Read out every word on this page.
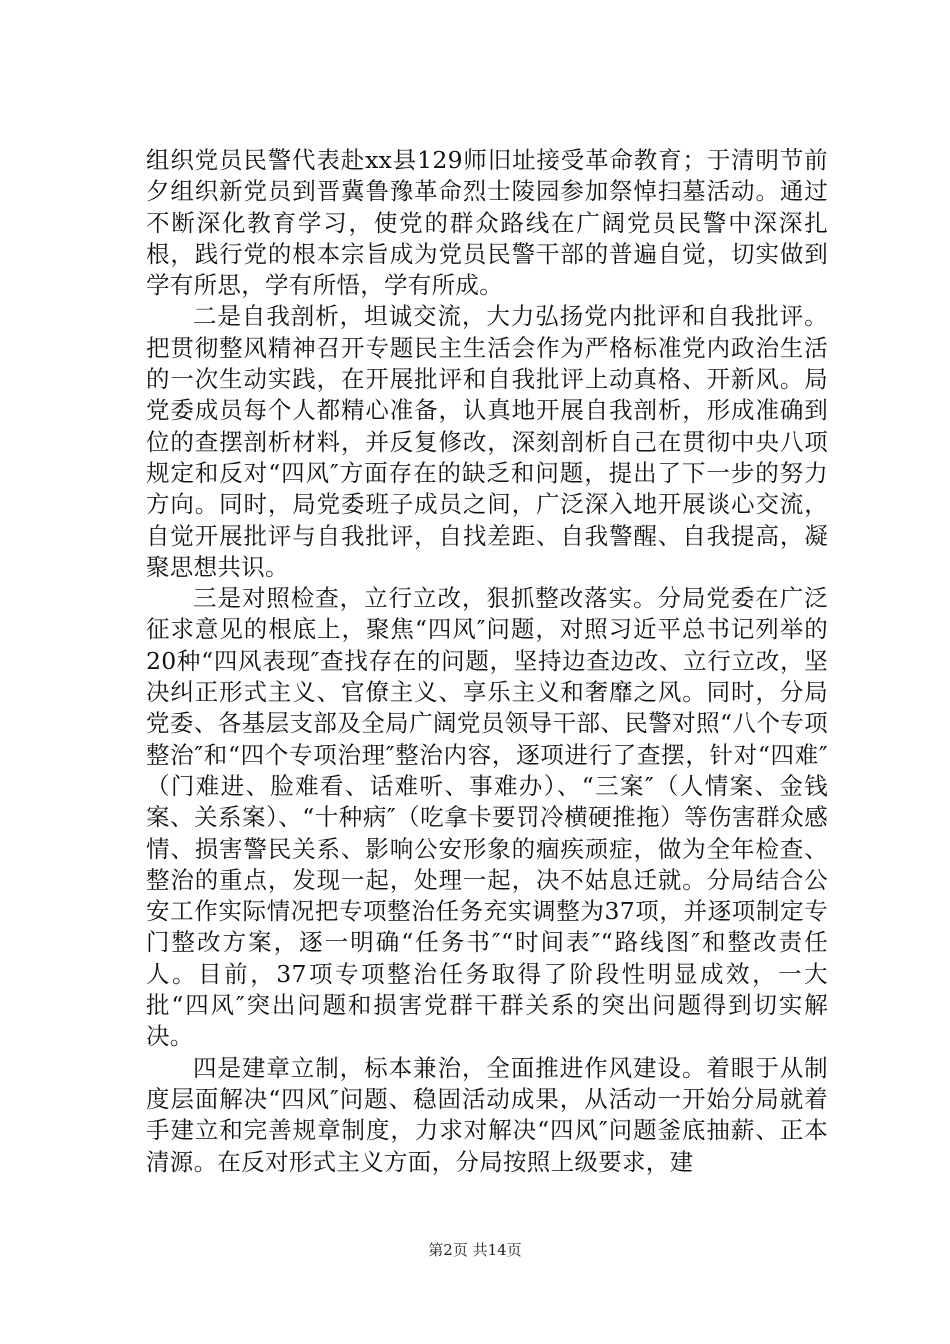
组织党员民警代表赴xx县129师旧址接受革命教育；于清明节前夕组织新党员到晋冀鲁豫革命烈士陵园参加祭悼扫墓活动。通过不断深化教育学习，使党的群众路线在广阔党员民警中深深扎根，践行党的根本宗旨成为党员民警干部的普遍自觉，切实做到学有所思，学有所悟，学有所成。

二是自我剖析，坦诚交流，大力弘扬党内批评和自我批评。把贯彻整风精神召开专题民主生活会作为严格标准党内政治生活的一次生动实践，在开展批评和自我批评上动真格、开新风。局党委成员每个人都精心准备，认真地开展自我剖析，形成准确到位的查摆剖析材料，并反复修改，深刻剖析自己在贯彻中央八项规定和反对“四风″方面存在的缺乏和问题，提出了下一步的努力方向。同时，局党委班子成员之间，广泛深入地开展谈心交流，自觉开展批评与自我批评，自找差距、自我警醒、自我提高，凝聚思想共识。

三是对照检查，立行立改，狠抓整改落实。分局党委在广泛征求意见的根底上，聚焦“四风″问题，对照习近平总书记列举的20种“四风表现″查找存在的问题，坚持边查边改、立行立改，坚决纠正形式主义、官僚主义、享乐主义和奢靡之风。同时，分局党委、各基层支部及全局广阔党员领导干部、民警对照“八个专项整治″和“四个专项治理″整治内容，逐项进行了查摆，针对“四难″（门难进、脸难看、话难听、事难办）、“三案″（人情案、金钱案、关系案）、“十种病″（吃拿卡要罚冷横硬推拖）等伤害群众感情、损害警民关系、影响公安形象的痼疾顽症，做为全年检查、整治的重点，发现一起，处理一起，决不姑息迁就。分局结合公安工作实际情况把专项整治任务充实调整为37项，并逐项制定专门整改方案，逐一明确“任务书″“时间表″“路线图″和整改责任人。目前，37项专项整治任务取得了阶段性明显成效，一大批“四风″突出问题和损害党群干群关系的突出问题得到切实解决。

四是建章立制，标本兼治，全面推进作风建设。着眼于从制度层面解决“四风″问题、稳固活动成果，从活动一开始分局就着手建立和完善规章制度，力求对解决“四风″问题釜底抽薪、正本清源。在反对形式主义方面，分局按照上级要求，建

第2页 共14页
